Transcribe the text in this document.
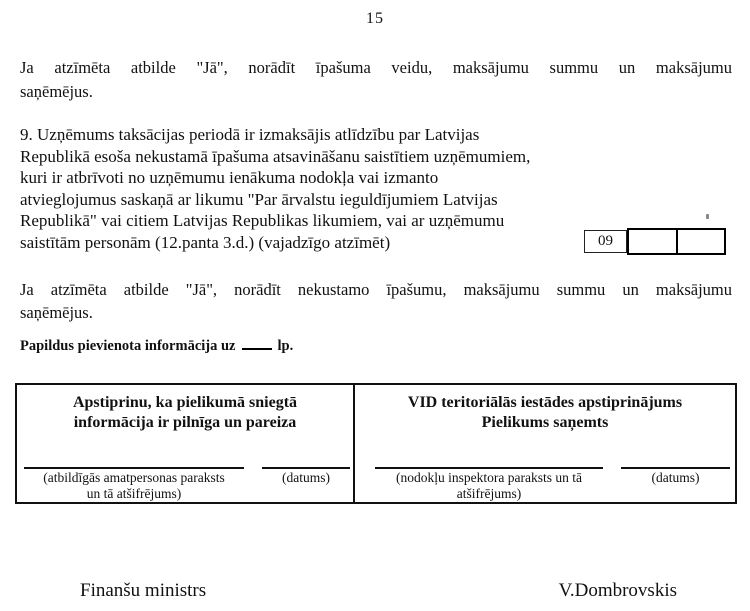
15
Ja atzīmēta atbilde "Jā", norādīt īpašuma veidu, maksājumu summu un maksājumu
saņēmējus.
9. Uzņēmums taksācijas periodā ir izmaksājis atlīdzību par Latvijas
Republikā esoša nekustamā īpašuma atsavināšanu saistītiem uzņēmumiem,
kuri ir atbrīvoti no uzņēmumu ienākuma nodokļa vai izmanto
atvieglojumus saskaņā ar likumu "Par ārvalstu ieguldījumiem Latvijas
Republikā" vai citiem Latvijas Republikas likumiem, vai ar uzņēmumu
saistītām personām (12.panta 3.d.) (vajadzīgo atzīmēt)	09
Ja atzīmēta atbilde "Jā", norādīt nekustamo īpašumu, maksājumu summu un maksājumu
saņēmējus.
Papildus pievienota informācija uz	lp.
Apstiprinu, ka pielikumā sniegtā
informācija ir pilnīga un pareiza
(atbildīgās amatpersonas paraksts
un tā atšifrējums)
(datums)
VID teritoriālās iestādes apstiprinājums
Pielikums saņemts
(nodokļu inspektora paraksts un tā
atšifrējums)
(datums)
Finanšu ministrs	V.Dombrovskis
